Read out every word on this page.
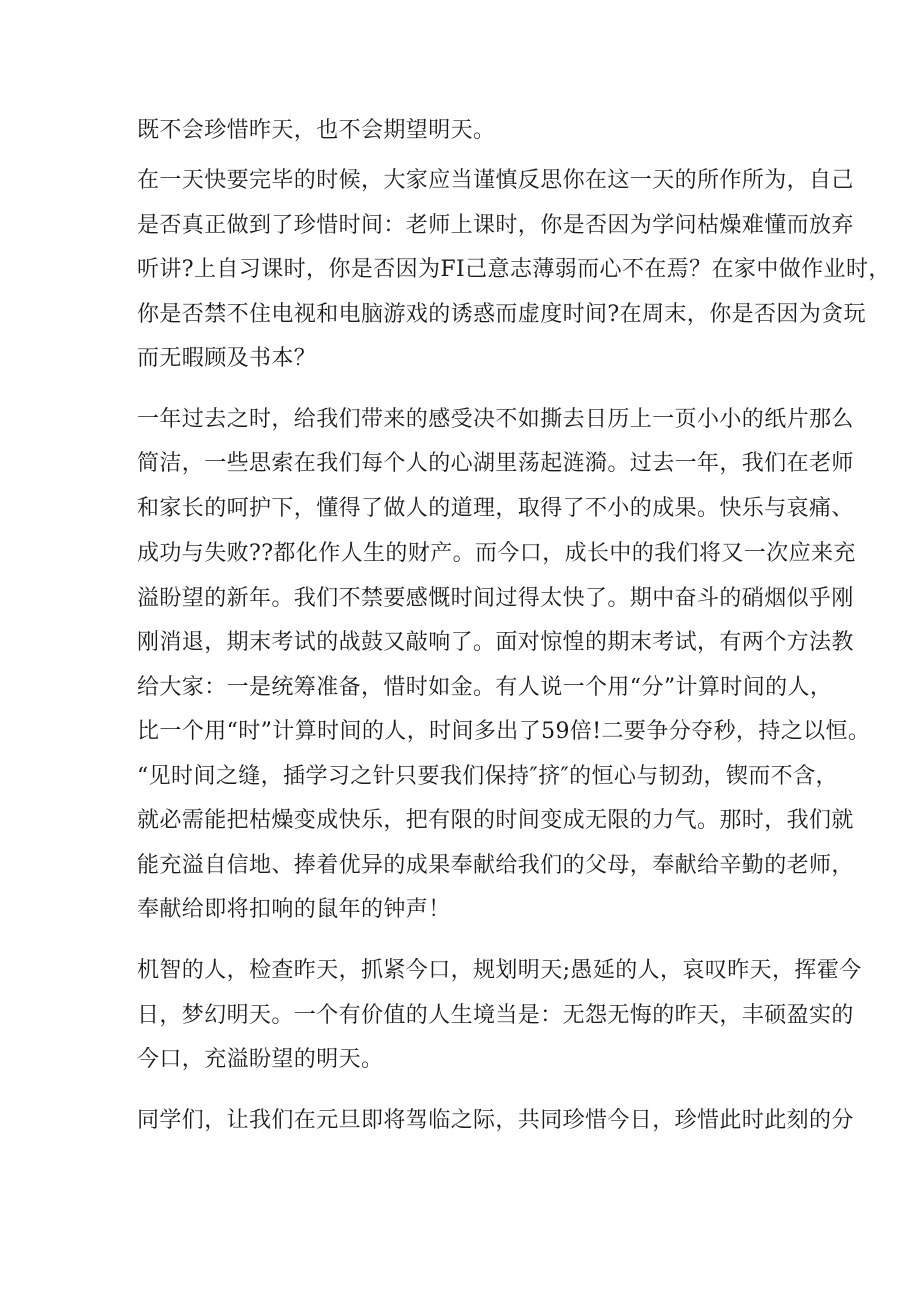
既不会珍惜昨天，也不会期望明天。
在一天快要完毕的时候，大家应当谨慎反思你在这一天的所作所为，自己
是否真正做到了珍惜时间：老师上课时，你是否因为学问枯燥难懂而放弃
听讲?上自习课时，你是否因为FI己意志薄弱而心不在焉？在家中做作业时，
你是否禁不住电视和电脑游戏的诱惑而虚度时间?在周末，你是否因为贪玩
而无暇顾及书本？
一年过去之时，给我们带来的感受决不如撕去日历上一页小小的纸片那么
简洁，一些思索在我们每个人的心湖里荡起涟漪。过去一年，我们在老师
和家长的呵护下，懂得了做人的道理，取得了不小的成果。快乐与哀痛、
成功与失败??都化作人生的财产。而今口，成长中的我们将又一次应来充
溢盼望的新年。我们不禁要感慨时间过得太快了。期中奋斗的硝烟似乎刚
刚消退，期末考试的战鼓又敲响了。面对惊惶的期末考试，有两个方法教
给大家：一是统筹准备，惜时如金。有人说一个用“分”计算时间的人，
比一个用“时”计算时间的人，时间多出了59倍!二要争分夺秒，持之以恒。
“见时间之缝，插学习之针只要我们保持″挤″的恒心与韧劲，锲而不含，
就必需能把枯燥变成快乐，把有限的时间变成无限的力气。那时，我们就
能充溢自信地、捧着优异的成果奉献给我们的父母，奉献给辛勤的老师，
奉献给即将扣响的鼠年的钟声！
机智的人，检查昨天，抓紧今口，规划明天;愚延的人，哀叹昨天，挥霍今
日，梦幻明天。一个有价值的人生境当是：无怨无悔的昨天，丰硕盈实的
今口，充溢盼望的明天。
同学们，让我们在元旦即将驾临之际，共同珍惜今日，珍惜此时此刻的分
